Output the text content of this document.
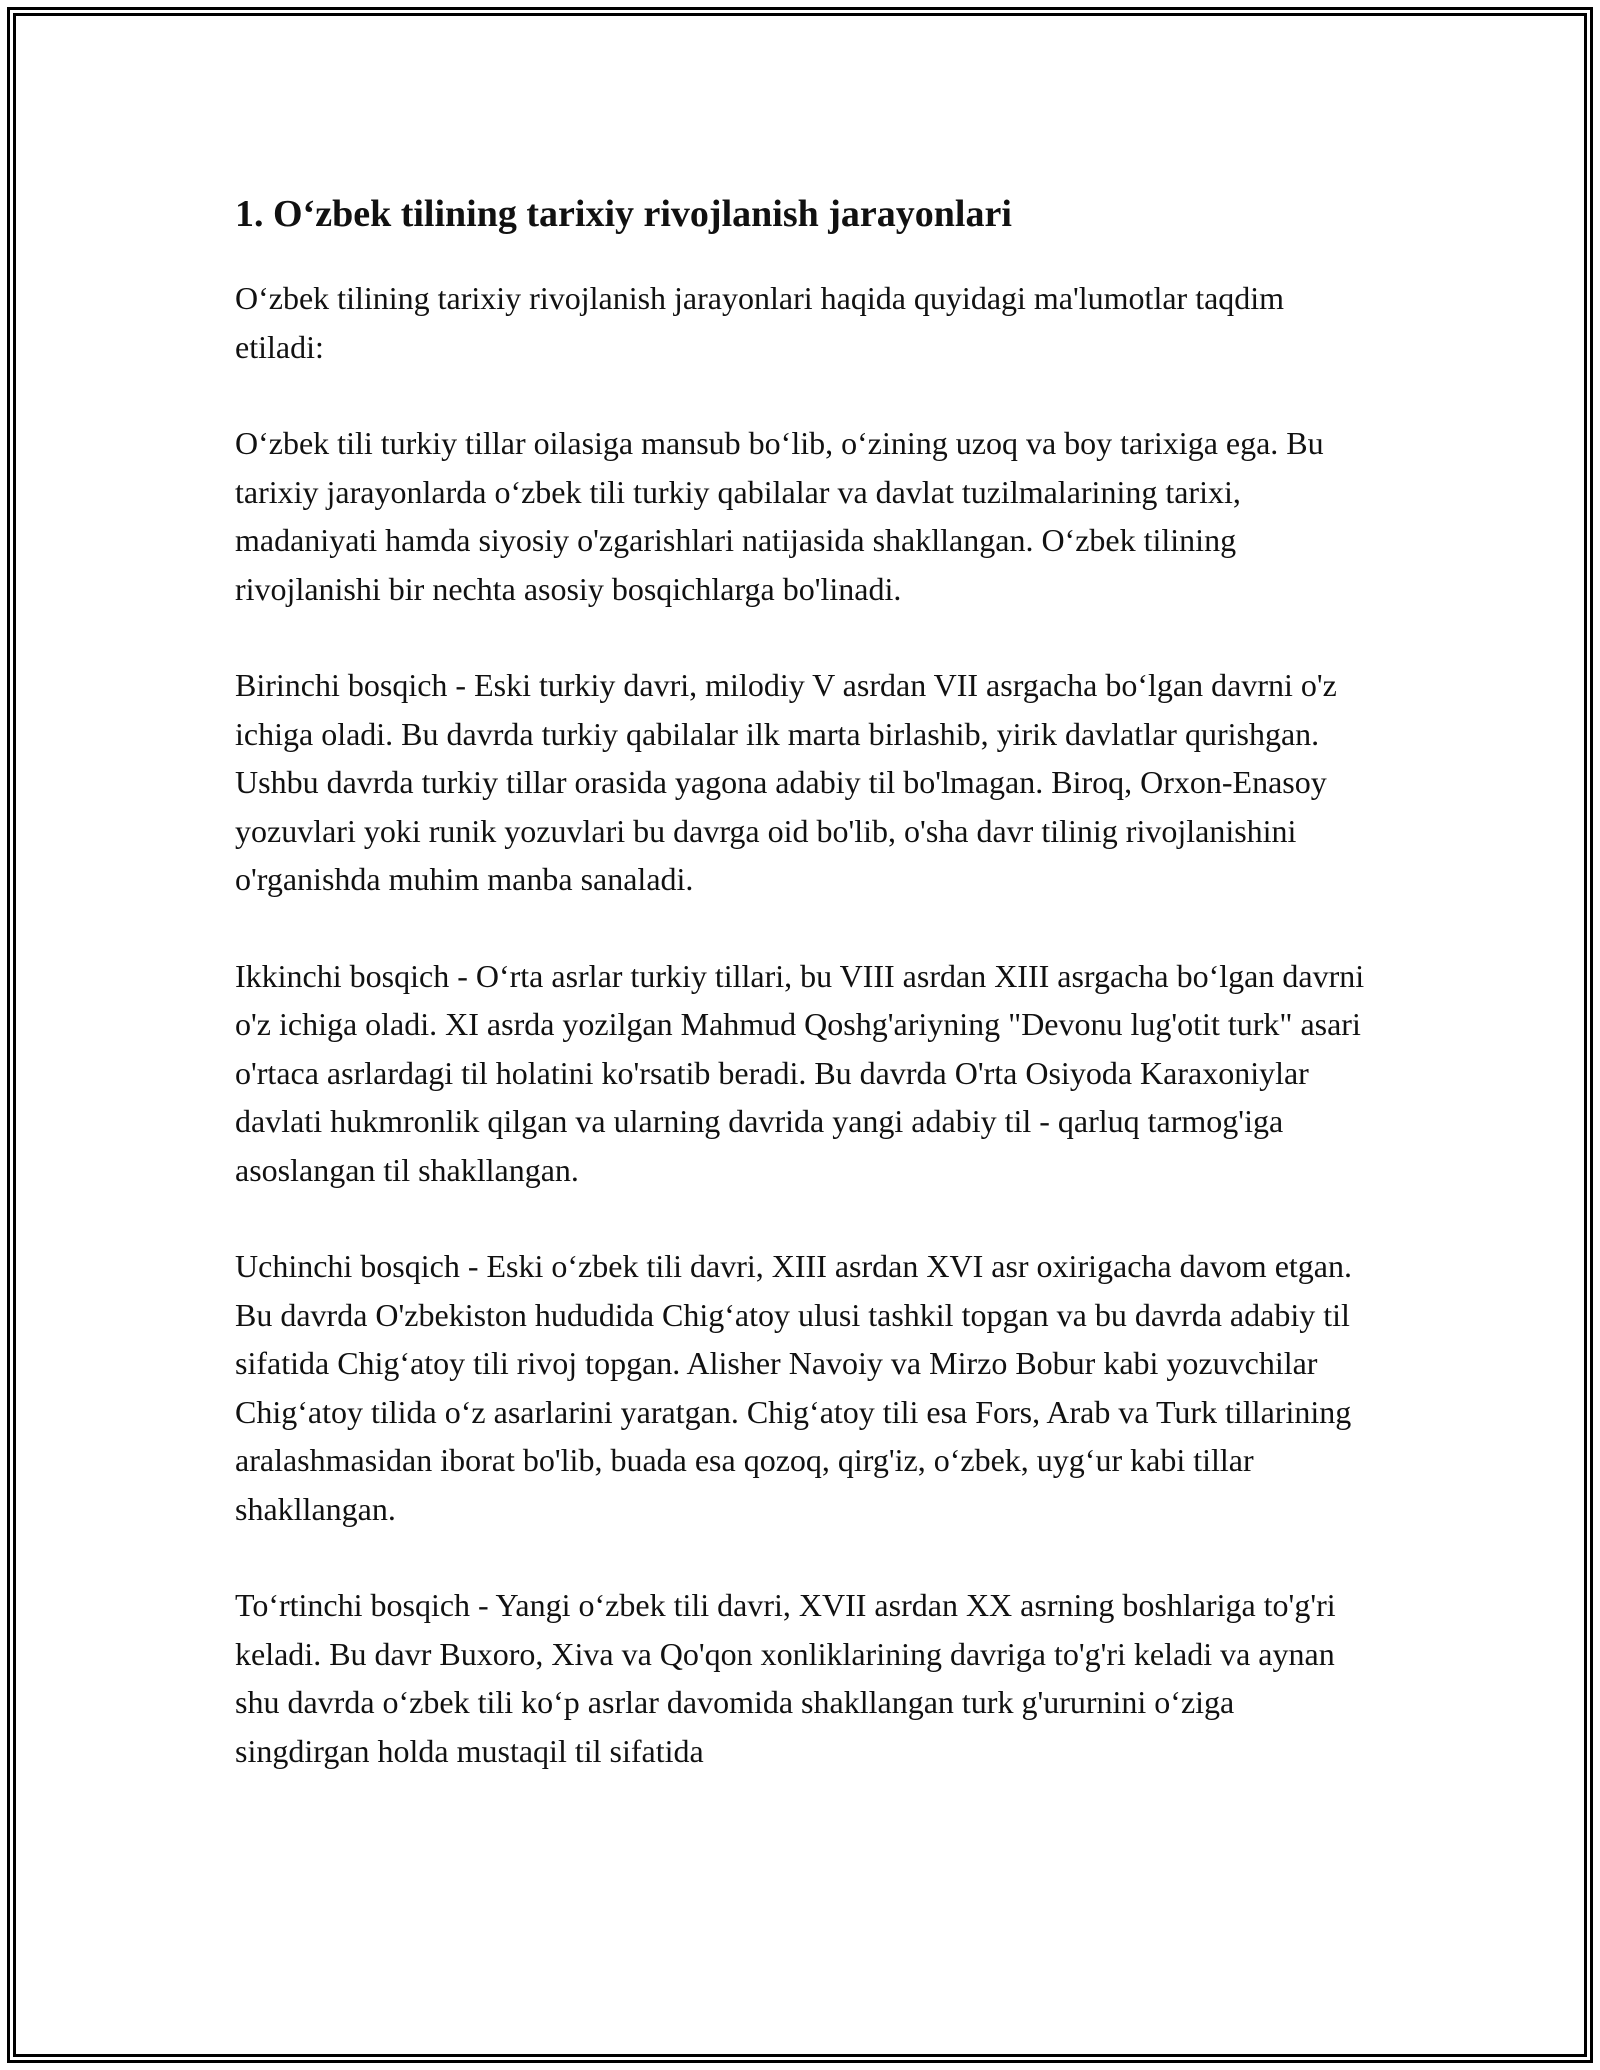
1. Oʻzbek tilining tarixiy rivojlanish jarayonlari

Oʻzbek tilining tarixiy rivojlanish jarayonlari haqida quyidagi ma'lumotlar taqdim etiladi:

Oʻzbek tili turkiy tillar oilasiga mansub boʻlib, oʻzining uzoq va boy tarixiga ega. Bu tarixiy jarayonlarda oʻzbek tili turkiy qabilalar va davlat tuzilmalarining tarixi, madaniyati hamda siyosiy o'zgarishlari natijasida shakllangan. Oʻzbek tilining rivojlanishi bir nechta asosiy bosqichlarga bo'linadi.

Birinchi bosqich - Eski turkiy davri, milodiy V asrdan VII asrgacha boʻlgan davrni o'z ichiga oladi. Bu davrda turkiy qabilalar ilk marta birlashib, yirik davlatlar qurishgan. Ushbu davrda turkiy tillar orasida yagona adabiy til bo'lmagan. Biroq, Orxon-Enasoy yozuvlari yoki runik yozuvlari bu davrga oid bo'lib, o'sha davr tilinig rivojlanishini o'rganishda muhim manba sanaladi.

Ikkinchi bosqich - Oʻrta asrlar turkiy tillari, bu VIII asrdan XIII asrgacha boʻlgan davrni o'z ichiga oladi. XI asrda yozilgan Mahmud Qoshg'ariyning "Devonu lug'otit turk" asari o'rtaca asrlardagi til holatini ko'rsatib beradi. Bu davrda O'rta Osiyoda Karaxoniylar davlati hukmronlik qilgan va ularning davrida yangi adabiy til - qarluq tarmog'iga asoslangan til shakllangan.

Uchinchi bosqich - Eski oʻzbek tili davri, XIII asrdan XVI asr oxirigacha davom etgan. Bu davrda O'zbekiston hududida Chigʻatoy ulusi tashkil topgan va bu davrda adabiy til sifatida Chigʻatoy tili rivoj topgan. Alisher Navoiy va Mirzo Bobur kabi yozuvchilar Chigʻatoy tilida oʻz asarlarini yaratgan. Chigʻatoy tili esa Fors, Arab va Turk tillarining aralashmasidan iborat bo'lib, buada esa qozoq, qirg'iz, oʻzbek, uygʻur kabi tillar shakllangan.

Toʻrtinchi bosqich - Yangi oʻzbek tili davri, XVII asrdan XX asrning boshlariga to'g'ri keladi. Bu davr Buxoro, Xiva va Qo'qon xonliklarining davriga to'g'ri keladi va aynan shu davrda oʻzbek tili koʻp asrlar davomida shakllangan turk g'ururnini oʻziga singdirgan holda mustaqil til sifatida
